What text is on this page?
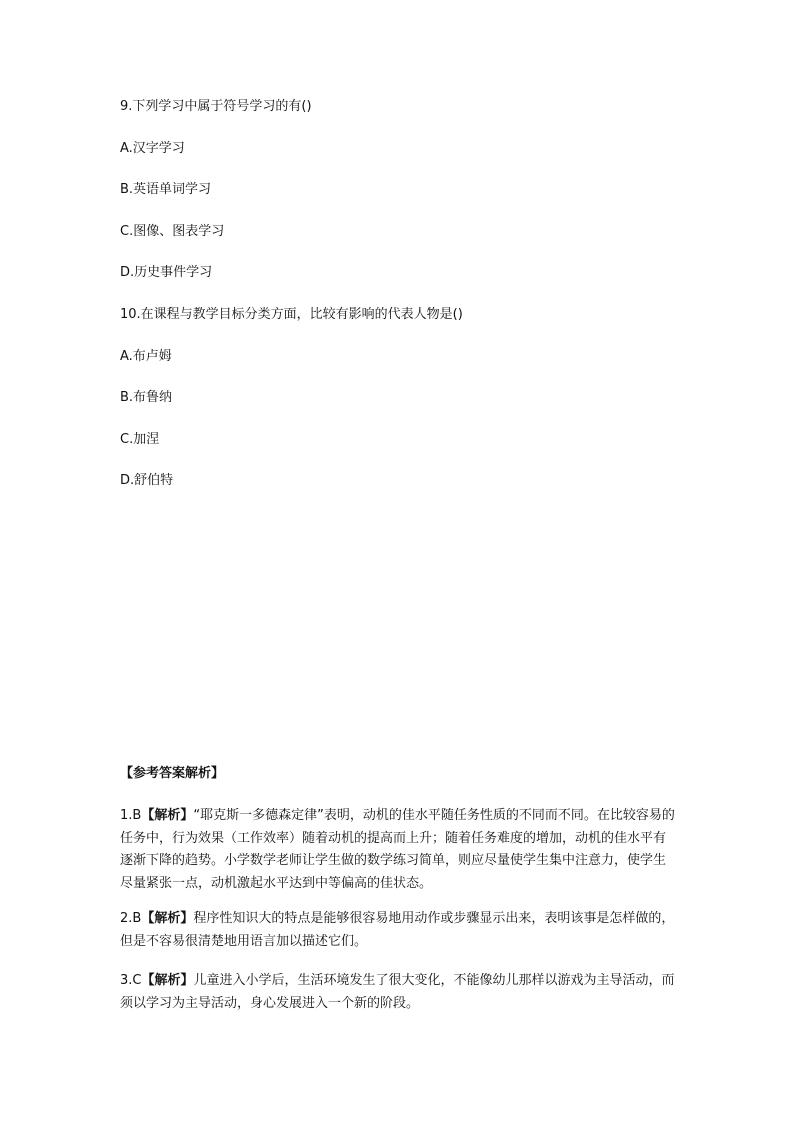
9.下列学习中属于符号学习的有()
A.汉字学习
B.英语单词学习
C.图像、图表学习
D.历史事件学习
10.在课程与教学目标分类方面，比较有影响的代表人物是()
A.布卢姆
B.布鲁纳
C.加涅
D.舒伯特
【参考答案解析】
1.B【解析】“耶克斯一多德森定律”表明，动机的佳水平随任务性质的不同而不同。在比较容易的任务中，行为效果（工作效率）随着动机的提高而上升；随着任务难度的增加，动机的佳水平有逐渐下降的趋势。小学数学老师让学生做的数学练习简单，则应尽量使学生集中注意力，使学生尽量紧张一点，动机激起水平达到中等偏高的佳状态。
2.B【解析】程序性知识大的特点是能够很容易地用动作或步骤显示出来，表明该事是怎样做的，但是不容易很清楚地用语言加以描述它们。
3.C【解析】儿童进入小学后，生活环境发生了很大变化，不能像幼儿那样以游戏为主导活动，而须以学习为主导活动，身心发展进入一个新的阶段。
